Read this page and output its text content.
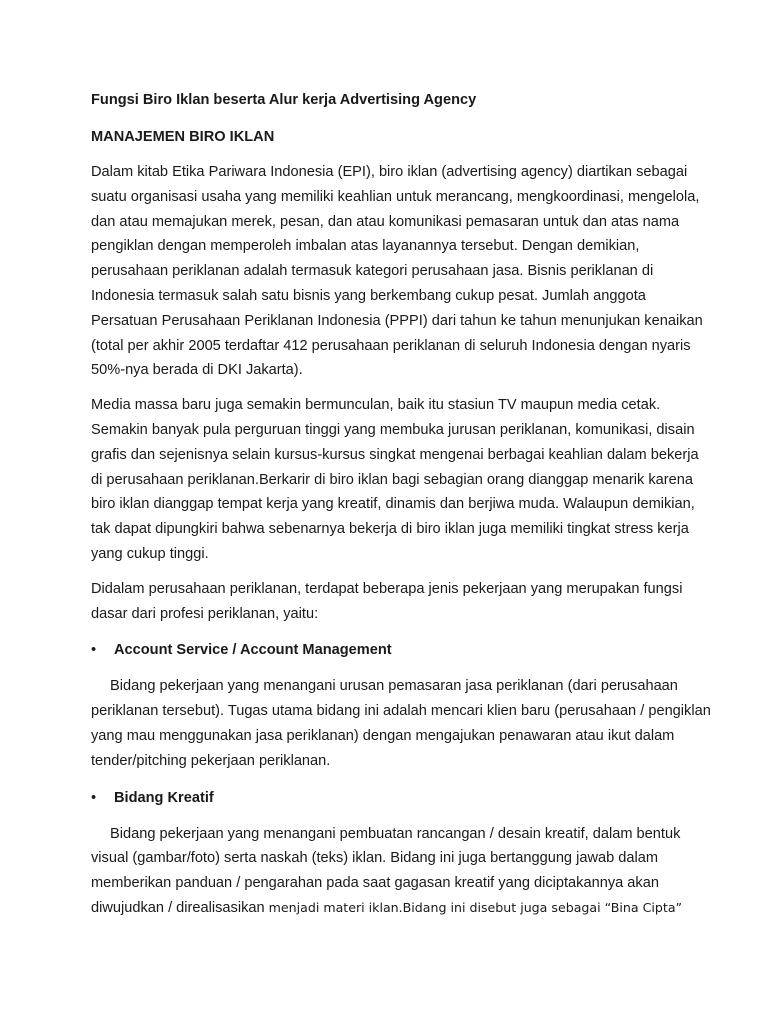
Fungsi Biro Iklan beserta Alur kerja Advertising Agency

MANAJEMEN BIRO IKLAN

Dalam kitab Etika Pariwara Indonesia (EPI), biro iklan (advertising agency) diartikan sebagai
suatu organisasi usaha yang memiliki keahlian untuk merancang, mengkoordinasi, mengelola,
dan atau memajukan merek, pesan, dan atau komunikasi pemasaran untuk dan atas nama
pengiklan dengan memperoleh imbalan atas layanannya tersebut. Dengan demikian,
perusahaan periklanan adalah termasuk kategori perusahaan jasa. Bisnis periklanan di
Indonesia termasuk salah satu bisnis yang berkembang cukup pesat. Jumlah anggota
Persatuan Perusahaan Periklanan Indonesia (PPPI) dari tahun ke tahun menunjukan kenaikan
(total per akhir 2005 terdaftar 412 perusahaan periklanan di seluruh Indonesia dengan nyaris
50%-nya berada di DKI Jakarta).

Media massa baru juga semakin bermunculan, baik itu stasiun TV maupun media cetak.
Semakin banyak pula perguruan tinggi yang membuka jurusan periklanan, komunikasi, disain
grafis dan sejenisnya selain kursus-kursus singkat mengenai berbagai keahlian dalam bekerja
di perusahaan periklanan.Berkarir di biro iklan bagi sebagian orang dianggap menarik karena
biro iklan dianggap tempat kerja yang kreatif, dinamis dan berjiwa muda. Walaupun demikian,
tak dapat dipungkiri bahwa sebenarnya bekerja di biro iklan juga memiliki tingkat stress kerja
yang cukup tinggi.

Didalam perusahaan periklanan, terdapat beberapa jenis pekerjaan yang merupakan fungsi
dasar dari profesi periklanan, yaitu:

•	Account Service / Account Management

Bidang pekerjaan yang menangani urusan pemasaran jasa periklanan (dari perusahaan
periklanan tersebut). Tugas utama bidang ini adalah mencari klien baru (perusahaan / pengiklan
yang mau menggunakan jasa periklanan) dengan mengajukan penawaran atau ikut dalam
tender/pitching pekerjaan periklanan.

•	Bidang Kreatif

Bidang pekerjaan yang menangani pembuatan rancangan / desain kreatif, dalam bentuk
visual (gambar/foto) serta naskah (teks) iklan. Bidang ini juga bertanggung jawab dalam
memberikan panduan / pengarahan pada saat gagasan kreatif yang diciptakannya akan
diwujudkan / direalisasikan menjadi materi iklan.Bidang ini disebut juga sebagai “Bina Cipta”
